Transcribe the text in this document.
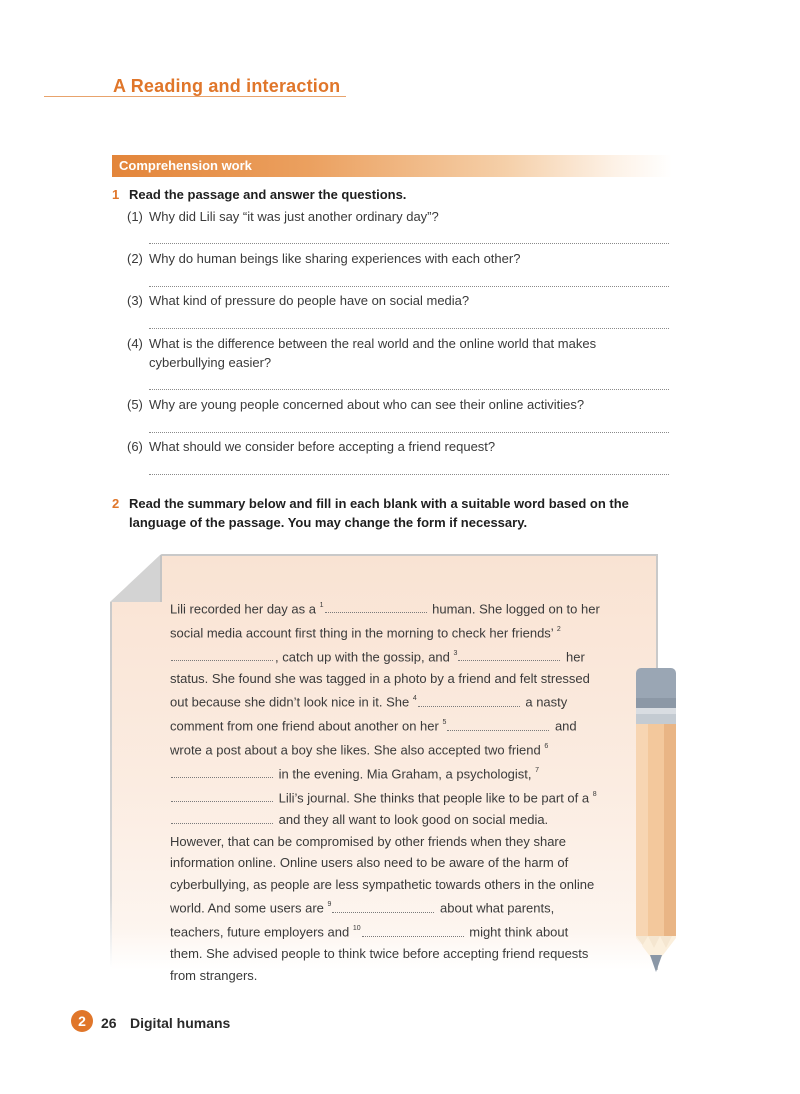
A Reading and interaction
Comprehension work
1 Read the passage and answer the questions.
(1) Why did Lili say “it was just another ordinary day”?
(2) Why do human beings like sharing experiences with each other?
(3) What kind of pressure do people have on social media?
(4) What is the difference between the real world and the online world that makes cyberbullying easier?
(5) Why are young people concerned about who can see their online activities?
(6) What should we consider before accepting a friend request?
2 Read the summary below and fill in each blank with a suitable word based on the language of the passage. You may change the form if necessary.
Lili recorded her day as a $^1$	human. She logged on to her social media account first thing in the morning to check her friends’ $^2$, catch up with the gossip, and $^3$	her status. She found she was tagged in a photo by a friend and felt stressed out because she didn’t look nice in it. She $^4$	a nasty comment from one friend about another on her $^5$	and wrote a post about a boy she likes. She also accepted two friend $^6$ in the evening. Mia Graham, a psychologist, $^7$ Lili’s journal. She thinks that people like to be part of a $^8$ and they all want to look good on social media. However, that can be compromised by other friends when they share information online. Online users also need to be aware of the harm of cyberbullying, as people are less sympathetic towards others in the online world. And some users are $^9$	about what parents, teachers, future employers and $^{10}$	might think about them. She advised people to think twice before accepting friend requests from strangers.
2	26 Digital humans
